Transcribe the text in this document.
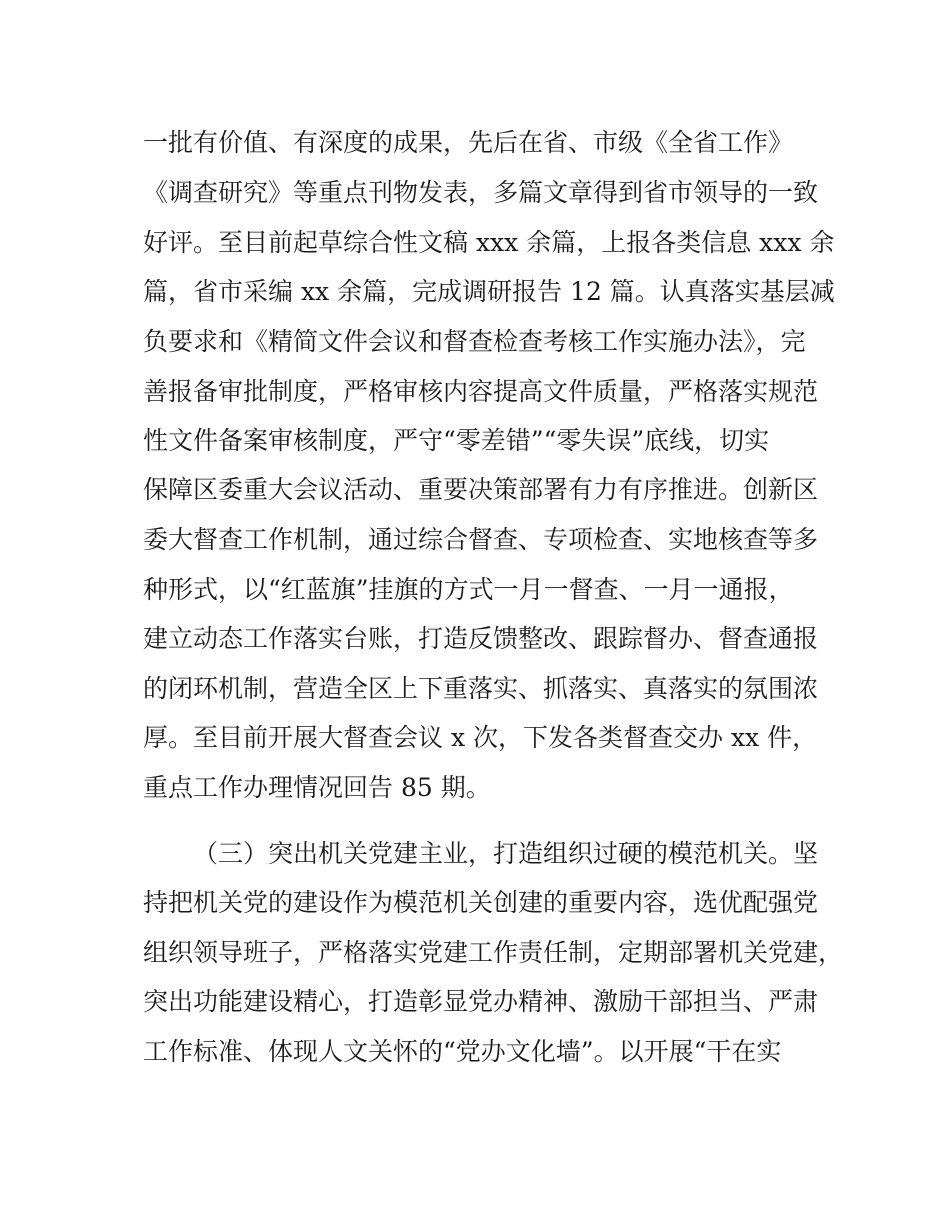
一批有价值、有深度的成果，先后在省、市级《全省工作》
《调查研究》等重点刊物发表，多篇文章得到省市领导的一致
好评。至目前起草综合性文稿 xxx 余篇，上报各类信息 xxx 余
篇，省市采编 xx 余篇，完成调研报告 12 篇。认真落实基层减
负要求和《精简文件会议和督查检查考核工作实施办法》，完
善报备审批制度，严格审核内容提高文件质量，严格落实规范
性文件备案审核制度，严守“零差错”“零失误”底线，切实
保障区委重大会议活动、重要决策部署有力有序推进。创新区
委大督查工作机制，通过综合督查、专项检查、实地核查等多
种形式，以“红蓝旗”挂旗的方式一月一督查、一月一通报，
建立动态工作落实台账，打造反馈整改、跟踪督办、督查通报
的闭环机制，营造全区上下重落实、抓落实、真落实的氛围浓
厚。至目前开展大督查会议 x 次，下发各类督查交办 xx 件，
重点工作办理情况回告 85 期。
（三）突出机关党建主业，打造组织过硬的模范机关。坚
持把机关党的建设作为模范机关创建的重要内容，选优配强党
组织领导班子，严格落实党建工作责任制，定期部署机关党建，
突出功能建设精心，打造彰显党办精神、激励干部担当、严肃
工作标准、体现人文关怀的“党办文化墙”。以开展“干在实
